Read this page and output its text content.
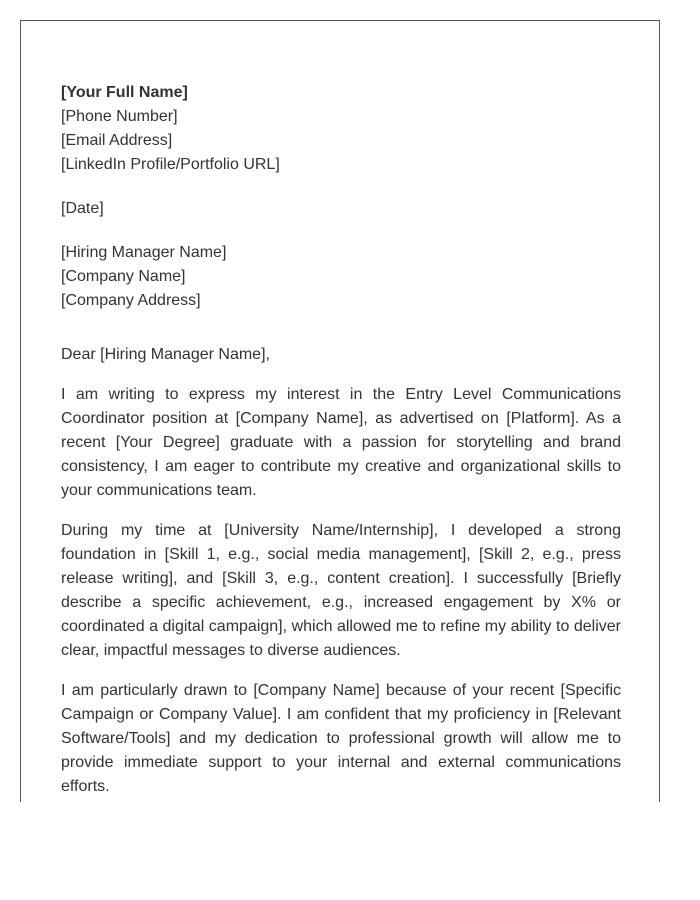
[Your Full Name]
[Phone Number]
[Email Address]
[LinkedIn Profile/Portfolio URL]
[Date]
[Hiring Manager Name]
[Company Name]
[Company Address]
Dear [Hiring Manager Name],

I am writing to express my interest in the Entry Level Communications Coordinator position at [Company Name], as advertised on [Platform]. As a recent [Your Degree] graduate with a passion for storytelling and brand consistency, I am eager to contribute my creative and organizational skills to your communications team.

During my time at [University Name/Internship], I developed a strong foundation in [Skill 1, e.g., social media management], [Skill 2, e.g., press release writing], and [Skill 3, e.g., content creation]. I successfully [Briefly describe a specific achievement, e.g., increased engagement by X% or coordinated a digital campaign], which allowed me to refine my ability to deliver clear, impactful messages to diverse audiences.

I am particularly drawn to [Company Name] because of your recent [Specific Campaign or Company Value]. I am confident that my proficiency in [Relevant Software/Tools] and my dedication to professional growth will allow me to provide immediate support to your internal and external communications efforts.
